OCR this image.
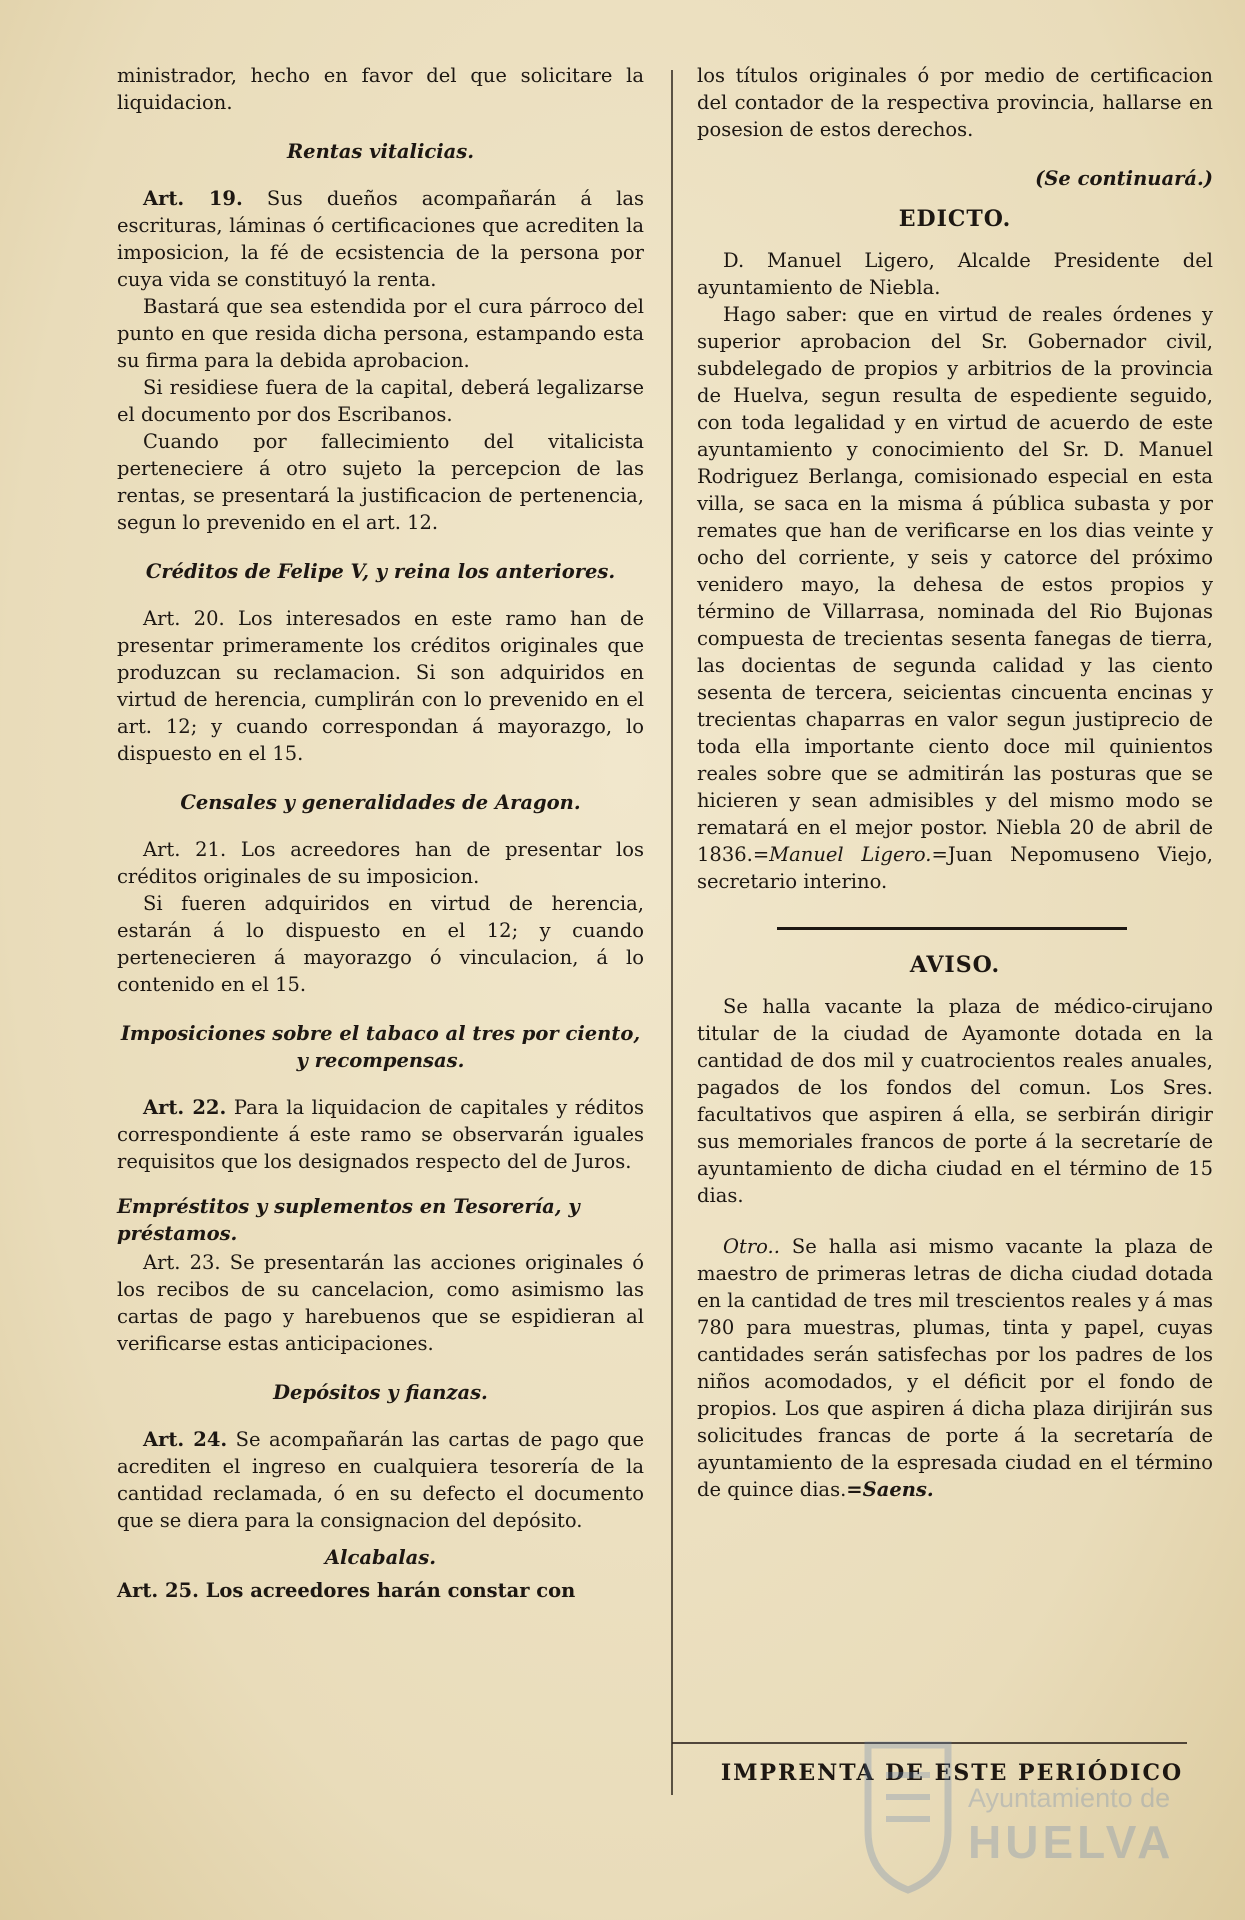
ministrador, hecho en favor del que solicitare la liquidacion.

Rentas vitalicias.

Art. 19. Sus dueños acompañarán á las escrituras, láminas ó certificaciones que acrediten la imposicion, la fé de ecsistencia de la persona por cuya vida se constituyó la renta.

Bastará que sea estendida por el cura párroco del punto en que resida dicha persona, estampando esta su firma para la debida aprobacion.

Si residiese fuera de la capital, deberá legalizarse el documento por dos Escribanos.

Cuando por fallecimiento del vitalicista perteneciere á otro sujeto la percepcion de las rentas, se presentará la justificacion de pertenencia, segun lo prevenido en el art. 12.

Créditos de Felipe V, y reina los anteriores.

Art. 20. Los interesados en este ramo han de presentar primeramente los créditos originales que produzcan su reclamacion. Si son adquiridos en virtud de herencia, cumplirán con lo prevenido en el art. 12; y cuando correspondan á mayorazgo, lo dispuesto en el 15.

Censales y generalidades de Aragon.

Art. 21. Los acreedores han de presentar los créditos originales de su imposicion.

Si fueren adquiridos en virtud de herencia, estarán á lo dispuesto en el 12; y cuando pertenecieren á mayorazgo ó vinculacion, á lo contenido en el 15.

Imposiciones sobre el tabaco al tres por ciento, y recompensas.

Art. 22. Para la liquidacion de capitales y réditos correspondiente á este ramo se observarán iguales requisitos que los designados respecto del de Juros.

Empréstitos y suplementos en Tesorería, y préstamos.

Art. 23. Se presentarán las acciones originales ó los recibos de su cancelacion, como asimismo las cartas de pago y harebuenos que se espidieran al verificarse estas anticipaciones.

Depósitos y fianzas.

Art. 24. Se acompañarán las cartas de pago que acrediten el ingreso en cualquiera tesorería de la cantidad reclamada, ó en su defecto el documento que se diera para la consignacion del depósito.

Alcabalas.

Art. 25. Los acreedores harán constar con

los títulos originales ó por medio de certificacion del contador de la respectiva provincia, hallarse en posesion de estos derechos.

(Se continuará.)
EDICTO.

D. Manuel Ligero, Alcalde Presidente del ayuntamiento de Niebla.

Hago saber: que en virtud de reales órdenes y superior aprobacion del Sr. Gobernador civil, subdelegado de propios y arbitrios de la provincia de Huelva, segun resulta de espediente seguido, con toda legalidad y en virtud de acuerdo de este ayuntamiento y conocimiento del Sr. D. Manuel Rodriguez Berlanga, comisionado especial en esta villa, se saca en la misma á pública subasta y por remates que han de verificarse en los dias veinte y ocho del corriente, y seis y catorce del próximo venidero mayo, la dehesa de estos propios y término de Villarrasa, nominada del Rio Bujonas compuesta de trecientas sesenta fanegas de tierra, las docientas de segunda calidad y las ciento sesenta de tercera, seicientas cincuenta encinas y trecientas chaparras en valor segun justiprecio de toda ella importante ciento doce mil quinientos reales sobre que se admitirán las posturas que se hicieren y sean admisibles y del mismo modo se rematará en el mejor postor. Niebla 20 de abril de 1836.=Manuel Ligero.=Juan Nepomuseno Viejo, secretario interino.

AVISO.

Se halla vacante la plaza de médico-cirujano titular de la ciudad de Ayamonte dotada en la cantidad de dos mil y cuatrocientos reales anuales, pagados de los fondos del comun. Los Sres. facultativos que aspiren á ella, se serbirán dirigir sus memoriales francos de porte á la secretaríe de ayuntamiento de dicha ciudad en el término de 15 dias.

Otro.. Se halla asi mismo vacante la plaza de maestro de primeras letras de dicha ciudad dotada en la cantidad de tres mil trescientos reales y á mas 780 para muestras, plumas, tinta y papel, cuyas cantidades serán satisfechas por los padres de los niños acomodados, y el déficit por el fondo de propios. Los que aspiren á dicha plaza dirijirán sus solicitudes francas de porte á la secretaría de ayuntamiento de la espresada ciudad en el término de quince dias.=Saens.

IMPRENTA DE ESTE PERIÓDICO
Ayuntamiento de
HUELVA
